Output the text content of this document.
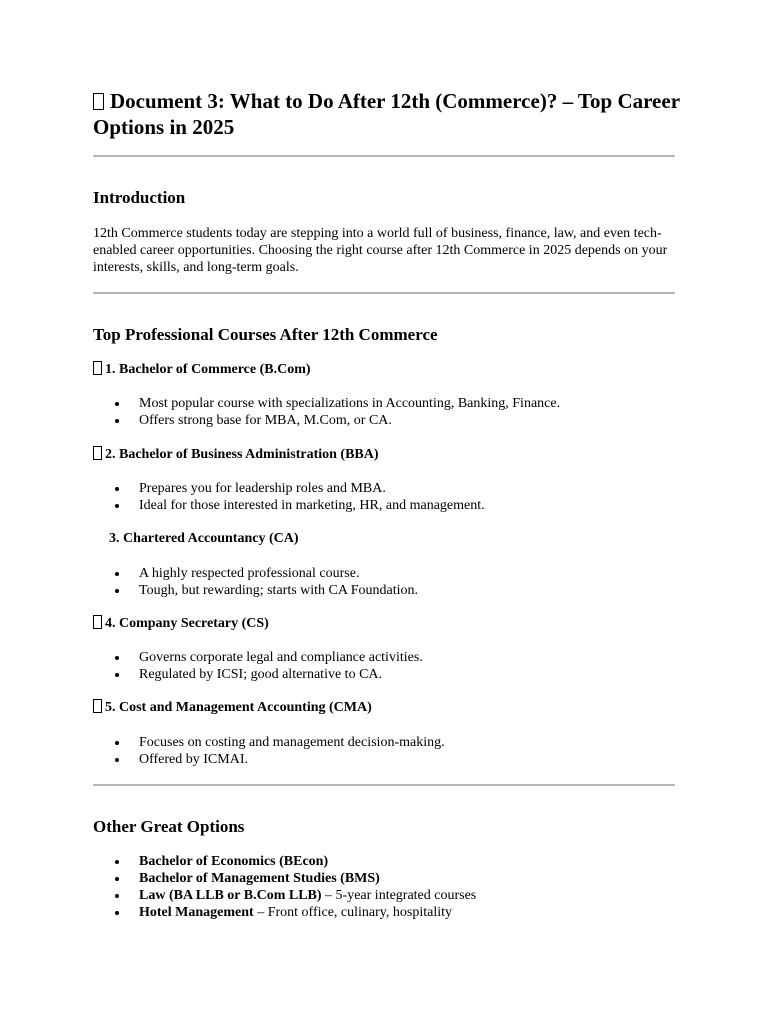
Document 3: What to Do After 12th (Commerce)? – Top Career Options in 2025
Introduction

12th Commerce students today are stepping into a world full of business, finance, law, and even tech-enabled career opportunities. Choosing the right course after 12th Commerce in 2025 depends on your interests, skills, and long-term goals.

Top Professional Courses After 12th Commerce
1. Bachelor of Commerce (B.Com)
Most popular course with specializations in Accounting, Banking, Finance.
Offers strong base for MBA, M.Com, or CA.
2. Bachelor of Business Administration (BBA)
Prepares you for leadership roles and MBA.
Ideal for those interested in marketing, HR, and management.
3. Chartered Accountancy (CA)
A highly respected professional course.
Tough, but rewarding; starts with CA Foundation.
4. Company Secretary (CS)
Governs corporate legal and compliance activities.
Regulated by ICSI; good alternative to CA.
5. Cost and Management Accounting (CMA)
Focuses on costing and management decision-making.
Offered by ICMAI.
Other Great Options
Bachelor of Economics (BEcon)
Bachelor of Management Studies (BMS)
Law (BA LLB or B.Com LLB) – 5-year integrated courses
Hotel Management – Front office, culinary, hospitality
